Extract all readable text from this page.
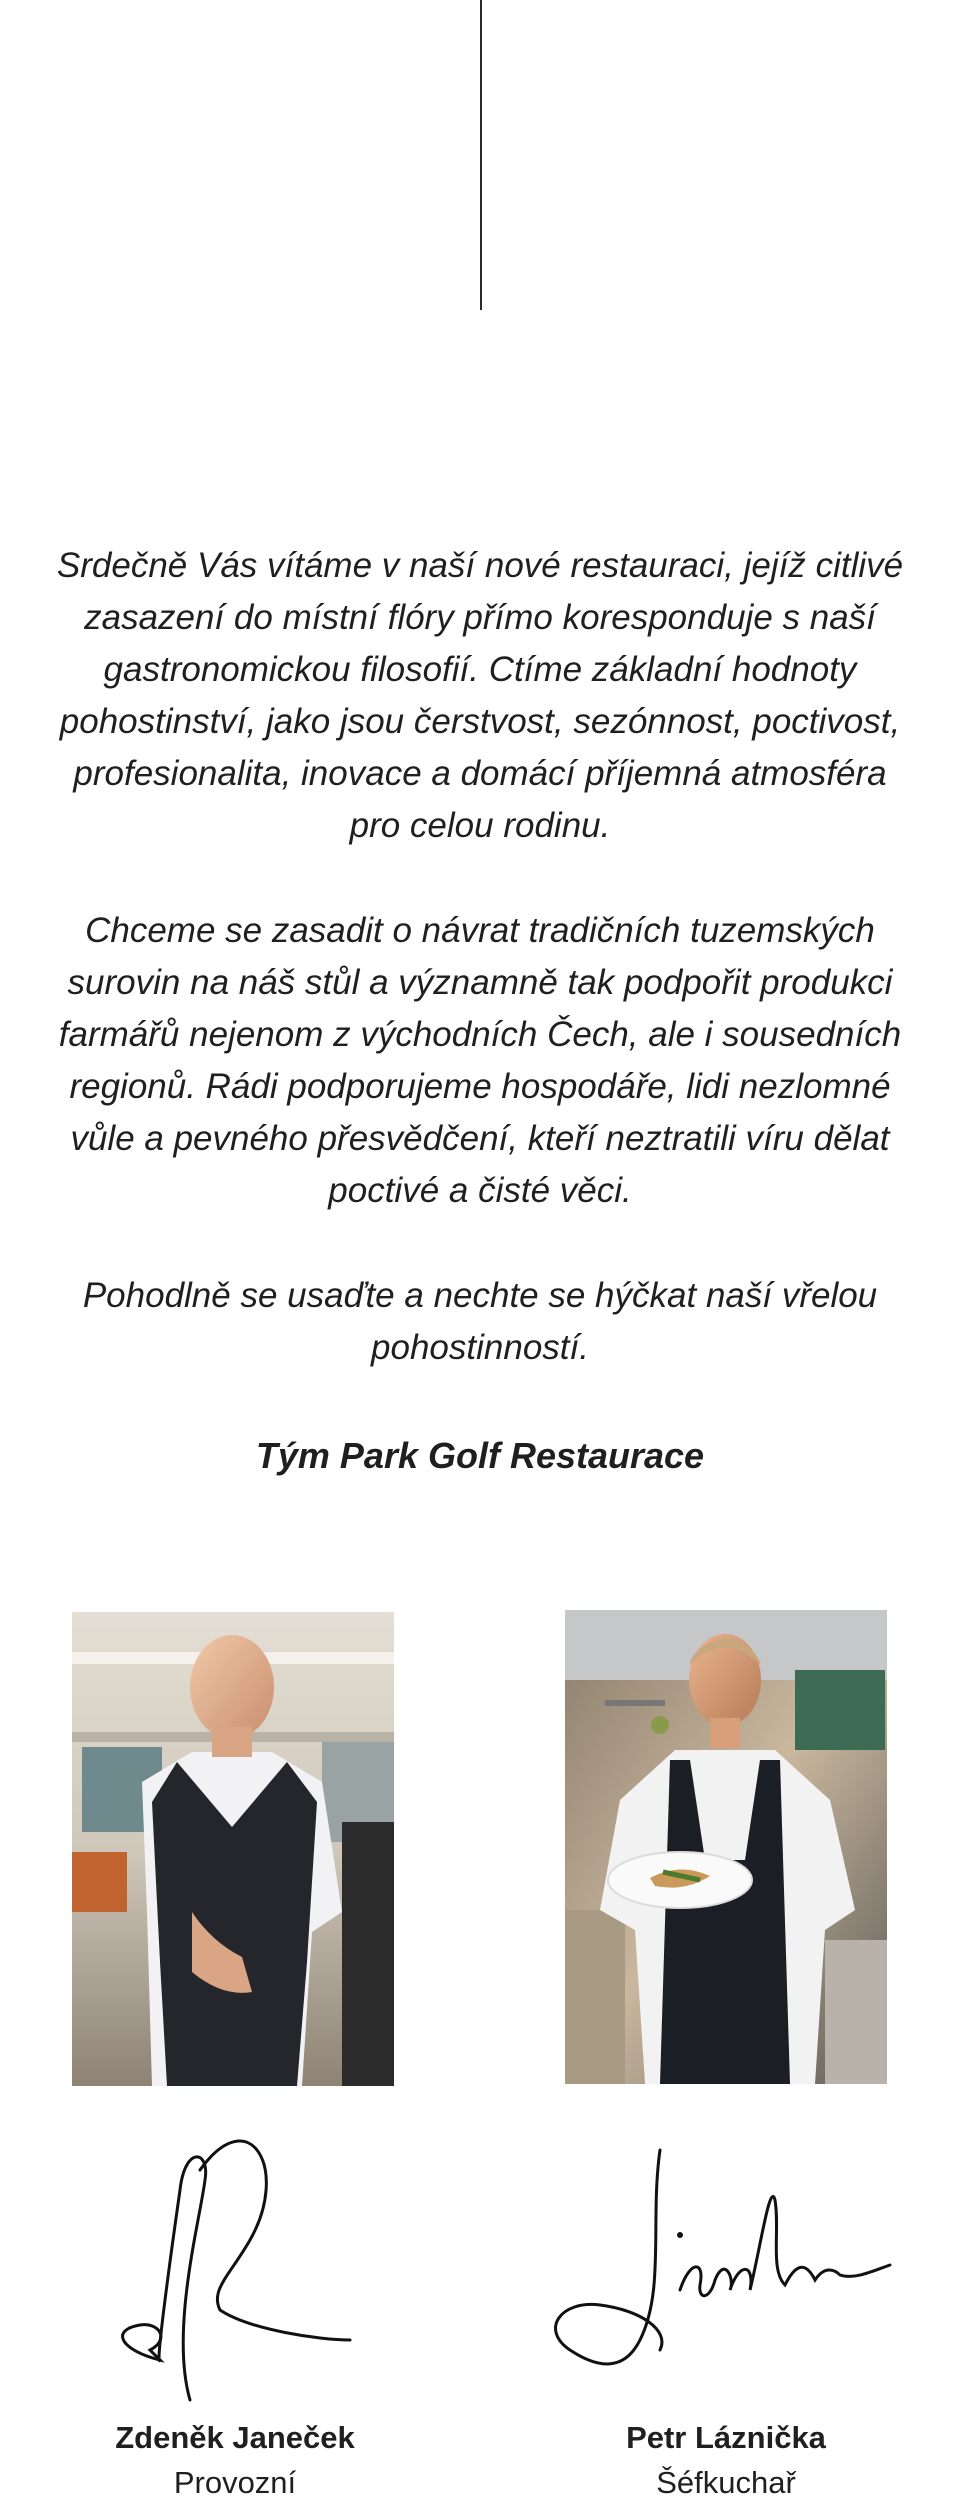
Srdečně Vás vítáme v naší nové restauraci, jejíž citlivé
zasazení do místní flóry přímo koresponduje s naší
gastronomickou filosofií. Ctíme základní hodnoty
pohostinství, jako jsou čerstvost, sezónnost, poctivost,
profesionalita, inovace a domácí příjemná atmosféra
pro celou rodinu.
Chceme se zasadit o návrat tradičních tuzemských
surovin na náš stůl a významně tak podpořit produkci
farmářů nejenom z východních Čech, ale i sousedních
regionů. Rádi podporujeme hospodáře, lidi nezlomné
vůle a pevného přesvědčení, kteří neztratili víru dělat
poctivé a čisté věci.
Pohodlně se usaďte a nechte se hýčkat naší vřelou
pohostinností.
Tým Park Golf Restaurace
Zdeněk Janeček
Provozní
Petr Láznička
Šéfkuchař
